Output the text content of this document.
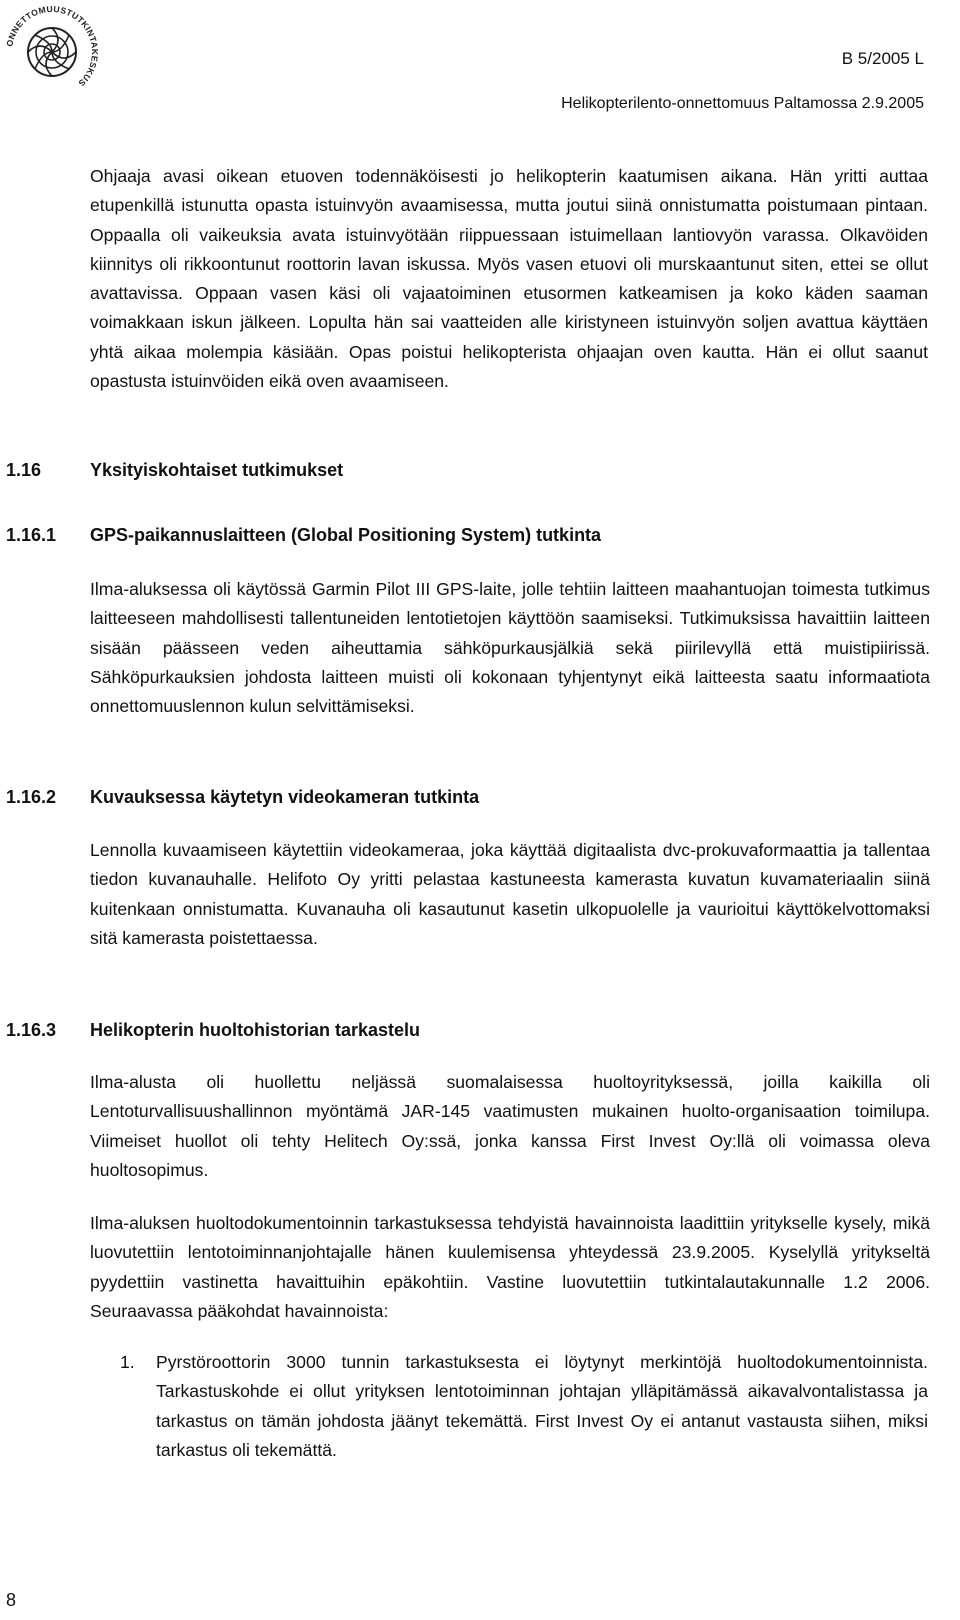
ONNETTOMUUSTUTKINTAKESKUS
B 5/2005 L
Helikopterilento-onnettomuus Paltamossa 2.9.2005

Ohjaaja avasi oikean etuoven todennäköisesti jo helikopterin kaatumisen aikana. Hän yritti auttaa etupenkillä istunutta opasta istuinvyön avaamisessa, mutta joutui siinä onnistumatta poistumaan pintaan. Oppaalla oli vaikeuksia avata istuinvyötään riippuessaan istuimellaan lantiovyön varassa. Olkavöiden kiinnitys oli rikkoontunut roottorin lavan iskussa. Myös vasen etuovi oli murskaantunut siten, ettei se ollut avattavissa. Oppaan vasen käsi oli vajaatoiminen etusormen katkeamisen ja koko käden saaman voimakkaan iskun jälkeen. Lopulta hän sai vaatteiden alle kiristyneen istuinvyön soljen avattua käyttäen yhtä aikaa molempia käsiään. Opas poistui helikopterista ohjaajan oven kautta. Hän ei ollut saanut opastusta istuinvöiden eikä oven avaamiseen.

1.16	Yksityiskohtaiset tutkimukset
1.16.1 GPS-paikannuslaitteen (Global Positioning System) tutkinta

Ilma-aluksessa oli käytössä Garmin Pilot III GPS-laite, jolle tehtiin laitteen maahantuojan toimesta tutkimus laitteeseen mahdollisesti tallentuneiden lentotietojen käyttöön saamiseksi. Tutkimuksissa havaittiin laitteen sisään päässeen veden aiheuttamia sähköpurkausjälkiä sekä piirilevyllä että muistipiirissä. Sähköpurkauksien johdosta laitteen muisti oli kokonaan tyhjentynyt eikä laitteesta saatu informaatiota onnettomuuslennon kulun selvittämiseksi.

1.16.2 Kuvauksessa käytetyn videokameran tutkinta

Lennolla kuvaamiseen käytettiin videokameraa, joka käyttää digitaalista dvc-prokuvaformaattia ja tallentaa tiedon kuvanauhalle. Helifoto Oy yritti pelastaa kastuneesta kamerasta kuvatun kuvamateriaalin siinä kuitenkaan onnistumatta. Kuvanauha oli kasautunut kasetin ulkopuolelle ja vaurioitui käyttökelvottomaksi sitä kamerasta poistettaessa.

1.16.3 Helikopterin huoltohistorian tarkastelu

Ilma-alusta oli huollettu neljässä suomalaisessa huoltoyrityksessä, joilla kaikilla oli Lentoturvallisuushallinnon myöntämä JAR-145 vaatimusten mukainen huolto-organisaation toimilupa. Viimeiset huollot oli tehty Helitech Oy:ssä, jonka kanssa First Invest Oy:llä oli voimassa oleva huoltosopimus.

Ilma-aluksen huoltodokumentoinnin tarkastuksessa tehdyistä havainnoista laadittiin yritykselle kysely, mikä luovutettiin lentotoiminnanjohtajalle hänen kuulemisensa yhteydessä 23.9.2005. Kyselyllä yritykseltä pyydettiin vastinetta havaittuihin epäkohtiin. Vastine luovutettiin tutkintalautakunnalle 1.2 2006. Seuraavassa pääkohdat havainnoista:

1. Pyrstöroottorin 3000 tunnin tarkastuksesta ei löytynyt merkintöjä huoltodokumentoinnista. Tarkastuskohde ei ollut yrityksen lentotoiminnan johtajan ylläpitämässä aikavalvontalistassa ja tarkastus on tämän johdosta jäänyt tekemättä. First Invest Oy ei antanut vastausta siihen, miksi tarkastus oli tekemättä.
8
